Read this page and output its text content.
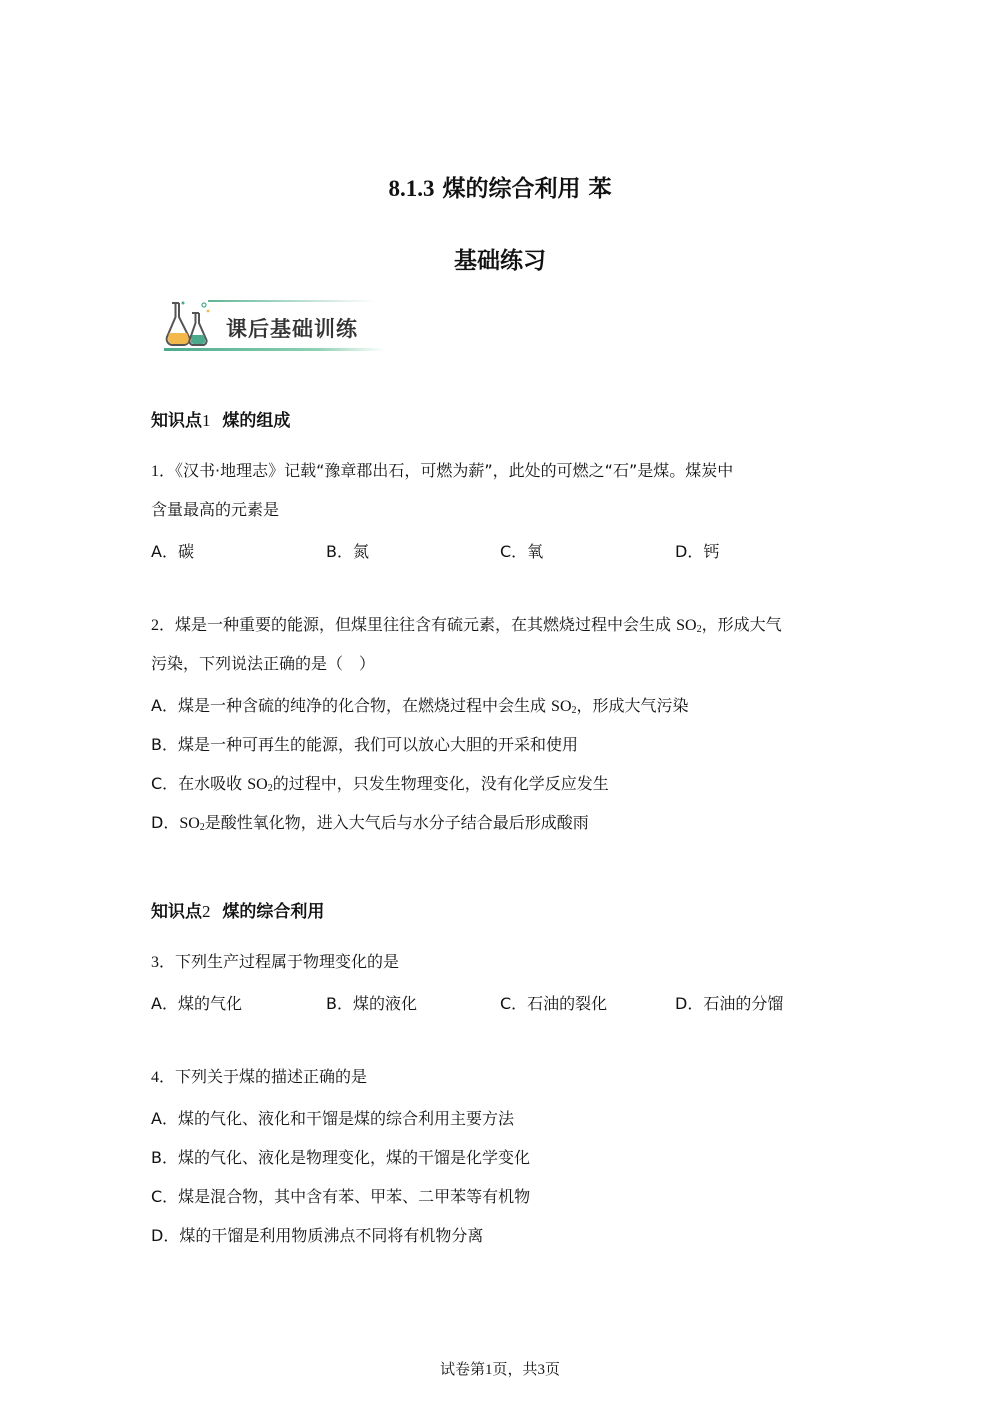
8.1.3 煤的综合利用 苯
基础练习
课后基础训练
知识点1 煤的组成
1．《汉书·地理志》记载“豫章郡出石，可燃为薪”，此处的可燃之“石”是煤。煤炭中
含量最高的元素是
A．碳	B．氮	C．氧	D．钙
2．煤是一种重要的能源，但煤里往往含有硫元素，在其燃烧过程中会生成 $SO_2$，形成大气
污染，下列说法正确的是（　）
A．煤是一种含硫的纯净的化合物，在燃烧过程中会生成 $SO_2$，形成大气污染
B．煤是一种可再生的能源，我们可以放心大胆的开采和使用
C．在水吸收 $SO_2$的过程中，只发生物理变化，没有化学反应发生
D．$SO_2$是酸性氧化物，进入大气后与水分子结合最后形成酸雨
知识点2 煤的综合利用
3．下列生产过程属于物理变化的是
A．煤的气化	B．煤的液化	C．石油的裂化	D．石油的分馏
4．下列关于煤的描述正确的是
A．煤的气化、液化和干馏是煤的综合利用主要方法
B．煤的气化、液化是物理变化，煤的干馏是化学变化
C．煤是混合物，其中含有苯、甲苯、二甲苯等有机物
D．煤的干馏是利用物质沸点不同将有机物分离
试卷第1页，共3页
